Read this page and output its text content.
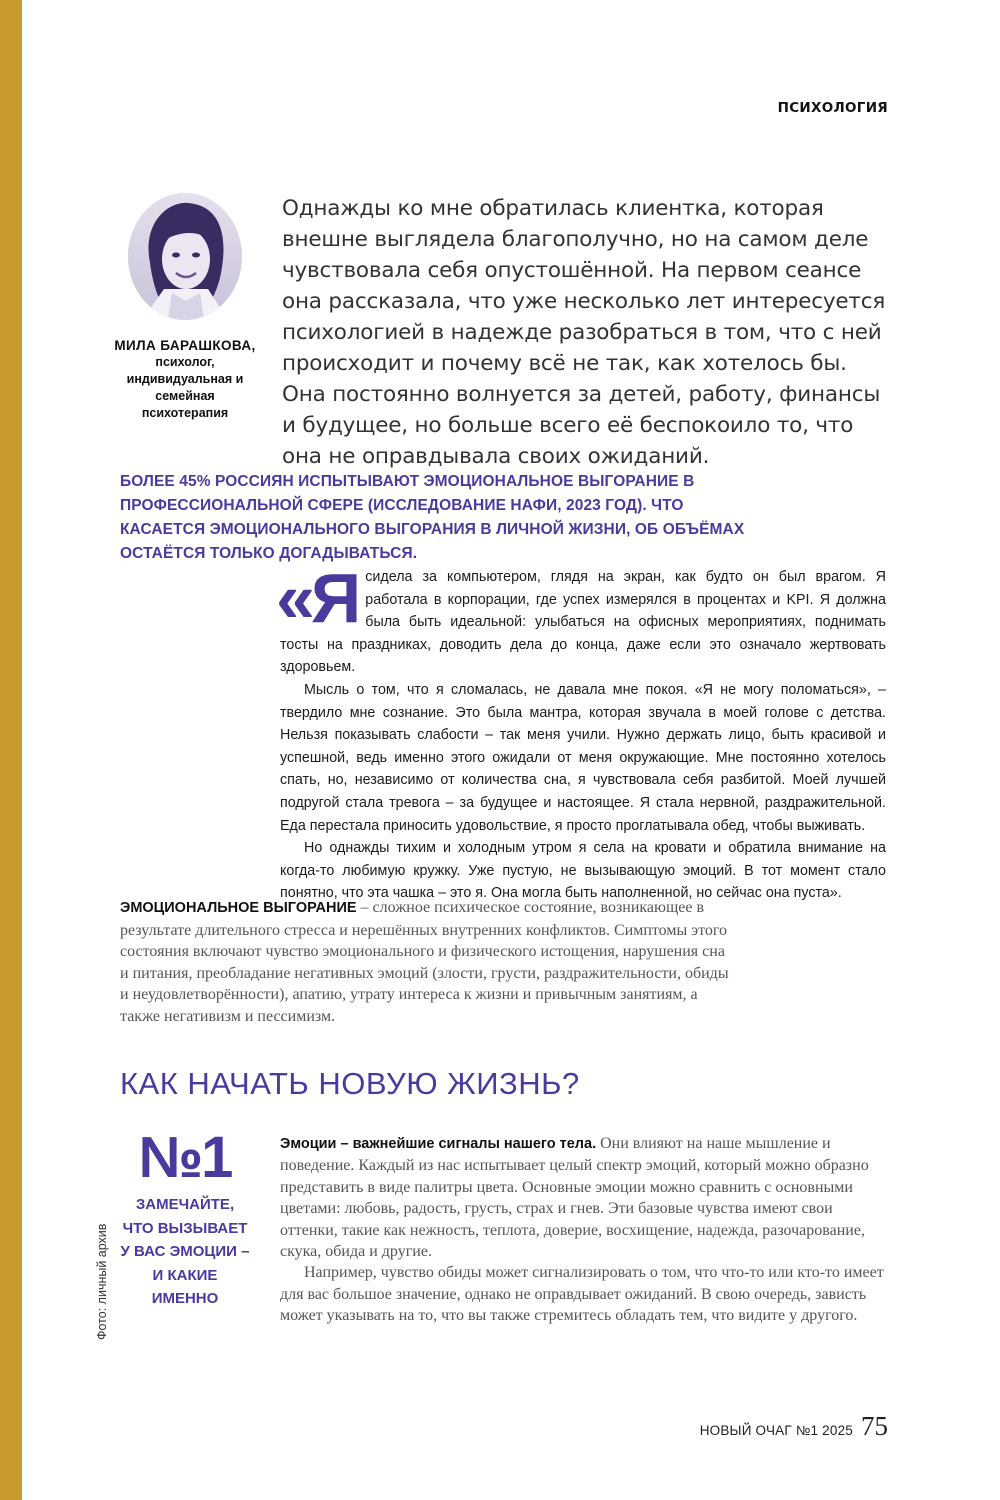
ПСИХОЛОГИЯ
МИЛА БАРАШКОВА,
психолог, индивидуальная и семейная психотерапия
Однажды ко мне обратилась клиентка, которая внешне выглядела благополучно, но на самом деле чувствовала себя опустошённой. На первом сеансе она рассказала, что уже несколько лет интересуется психологией в надежде разобраться в том, что с ней происходит и почему всё не так, как хотелось бы. Она постоянно волнуется за детей, работу, финансы и будущее, но больше всего её беспокоило то, что она не оправдывала своих ожиданий.
БОЛЕЕ 45% РОССИЯН ИСПЫТЫВАЮТ ЭМОЦИОНАЛЬНОЕ ВЫГОРАНИЕ В ПРОФЕССИОНАЛЬНОЙ СФЕРЕ (ИССЛЕДОВАНИЕ НАФИ, 2023 ГОД). ЧТО КАСАЕТСЯ ЭМОЦИОНАЛЬНОГО ВЫГОРАНИЯ В ЛИЧНОЙ ЖИЗНИ, ОБ ОБЪЁМАХ ОСТАЁТСЯ ТОЛЬКО ДОГАДЫВАТЬСЯ.

«Ясидела за компьютером, глядя на экран, как будто он был врагом. Я работала в корпорации, где успех измерялся в процентах и KPI. Я должна была быть идеальной: улыбаться на офисных мероприятиях, поднимать тосты на праздниках, доводить дела до конца, даже если это означало жертвовать здоровьем.

Мысль о том, что я сломалась, не давала мне покоя. «Я не могу поломаться», – твердило мне сознание. Это была мантра, которая звучала в моей голове с детства. Нельзя показывать слабости – так меня учили. Нужно держать лицо, быть красивой и успешной, ведь именно этого ожидали от меня окружающие. Мне постоянно хотелось спать, но, независимо от количества сна, я чувствовала себя разбитой. Моей лучшей подругой стала тревога – за будущее и настоящее. Я стала нервной, раздражительной. Еда перестала приносить удовольствие, я просто проглатывала обед, чтобы выживать.

Но однажды тихим и холодным утром я села на кровати и обратила внимание на когда-то любимую кружку. Уже пустую, не вызывающую эмоций. В тот момент стало понятно, что эта чашка – это я. Она могла быть наполненной, но сейчас она пуста».

ЭМОЦИОНАЛЬНОЕ ВЫГОРАНИЕ – сложное психическое состояние, возникающее в результате длительного стресса и нерешённых внутренних конфликтов. Симптомы этого состояния включают чувство эмоционального и физического истощения, нарушения сна и питания, преобладание негативных эмоций (злости, грусти, раздражительности, обиды и неудовлетворённости), апатию, утрату интереса к жизни и привычным занятиям, а также негативизм и пессимизм.
КАК НАЧАТЬ НОВУЮ ЖИЗНЬ?
№1
ЗАМЕЧАЙТЕ, ЧТО ВЫЗЫВАЕТ У ВАС ЭМОЦИИ – И КАКИЕ ИМЕННО

Эмоции – важнейшие сигналы нашего тела. Они влияют на наше мышление и поведение. Каждый из нас испытывает целый спектр эмоций, который можно образно представить в виде палитры цвета. Основные эмоции можно сравнить с основными цветами: любовь, радость, грусть, страх и гнев. Эти базовые чувства имеют свои оттенки, такие как нежность, теплота, доверие, восхищение, надежда, разочарование, скука, обида и другие.

Например, чувство обиды может сигнализировать о том, что что-то или кто-то имеет для вас большое значение, однако не оправдывает ожиданий. В свою очередь, зависть может указывать на то, что вы также стремитесь обладать тем, что видите у другого.

Фото: личный архив
НОВЫЙ ОЧАГ №1 2025 75
